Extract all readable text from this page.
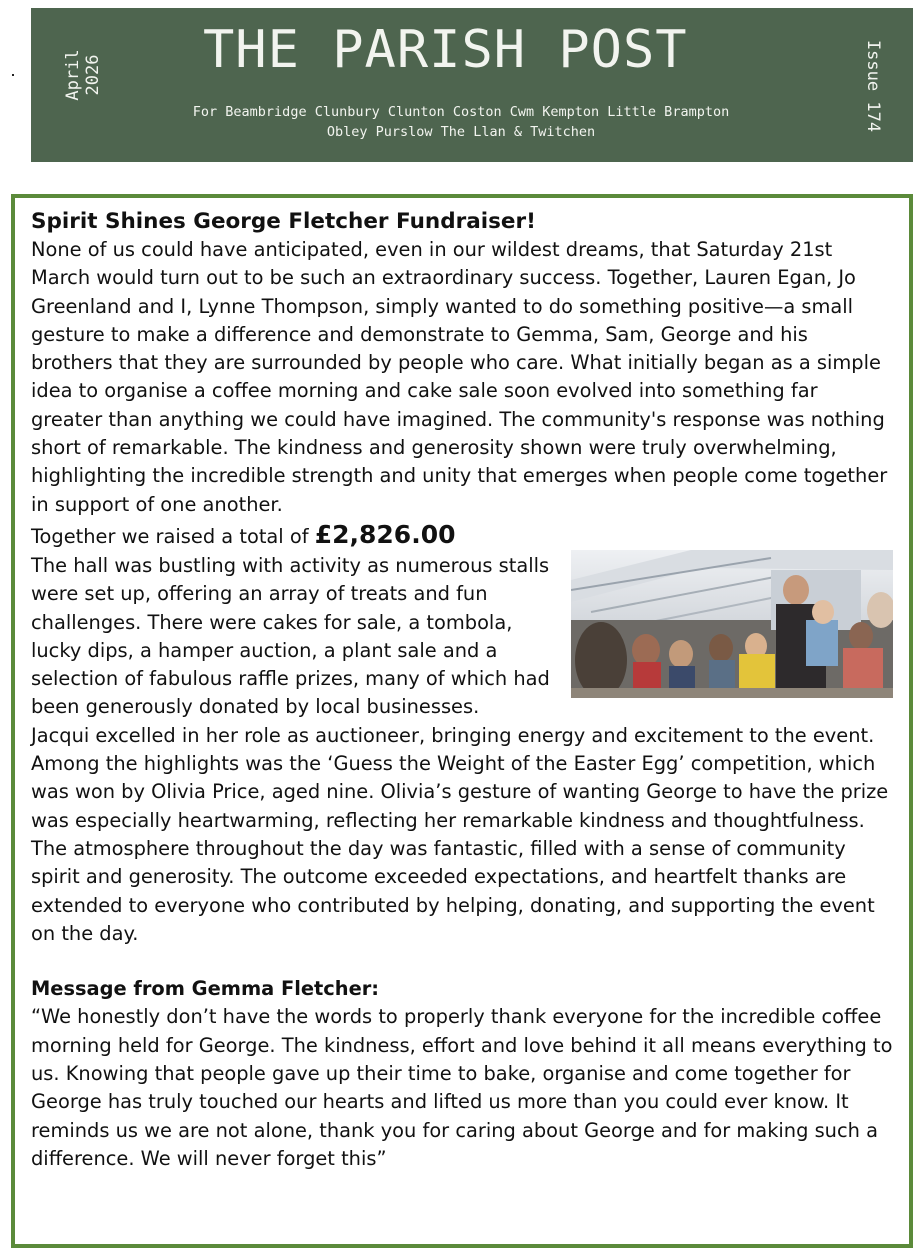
April 2026 THE PARISH POST
For Beambridge Clunbury Clunton Coston Cwm Kempton Little Brampton
Obley Purslow The Llan & Twitchen	Issue 174
Spirit Shines George Fletcher Fundraiser!

None of us could have anticipated, even in our wildest dreams, that Saturday 21st March would turn out to be such an extraordinary success. Together, Lauren Egan, Jo Greenland and I, Lynne Thompson, simply wanted to do something positive—a small gesture to make a difference and demonstrate to Gemma, Sam, George and his brothers that they are surrounded by people who care. What initially began as a simple idea to organise a coffee morning and cake sale soon evolved into something far greater than anything we could have imagined. The community's response was nothing short of remarkable. The kindness and generosity shown were truly overwhelming, highlighting the incredible strength and unity that emerges when people come together in support of one another.

Together we raised a total of £2,826.00

The hall was bustling with activity as numerous stalls were set up, offering an array of treats and fun challenges. There were cakes for sale, a tombola, lucky dips, a hamper auction, a plant sale and a selection of fabulous raffle prizes, many of which had been generously donated by local businesses.

Jacqui excelled in her role as auctioneer, bringing energy and excitement to the event. Among the highlights was the ‘Guess the Weight of the Easter Egg’ competition, which was won by Olivia Price, aged nine. Olivia’s gesture of wanting George to have the prize was especially heartwarming, reflecting her remarkable kindness and thoughtfulness.

The atmosphere throughout the day was fantastic, filled with a sense of community spirit and generosity. The outcome exceeded expectations, and heartfelt thanks are extended to everyone who contributed by helping, donating, and supporting the event on the day.

Message from Gemma Fletcher:

“We honestly don’t have the words to properly thank everyone for the incredible coffee morning held for George. The kindness, effort and love behind it all means everything to us. Knowing that people gave up their time to bake, organise and come together for George has truly touched our hearts and lifted us more than you could ever know. It reminds us we are not alone, thank you for caring about George and for making such a difference. We will never forget this”
